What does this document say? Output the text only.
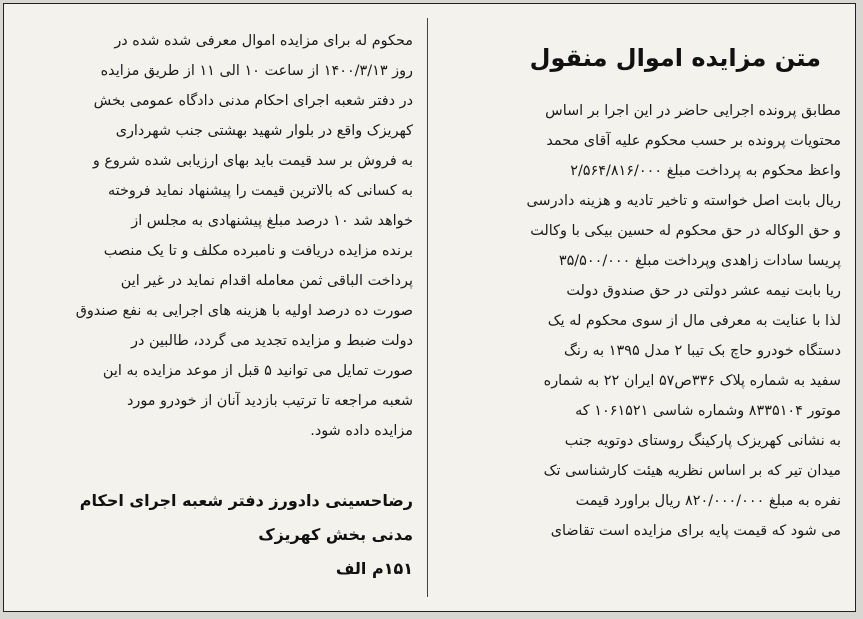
متن مزایده اموال منقول
مطابق پرونده اجرایی حاضر در این اجرا بر اساس
محتویات پرونده بر حسب محکوم علیه آقای محمد
واعظ محکوم به پرداخت مبلغ ۲/۵۶۴/۸۱۶/۰۰۰
ریال بابت اصل خواسته و تاخیر تادیه و هزینه دادرسی
و حق الوکاله در حق محکوم له حسین بیکی با وکالت
پریسا سادات زاهدی وپرداخت مبلغ ۳۵/۵۰۰/۰۰۰
ریا بابت نیمه عشر دولتی در حق صندوق دولت
لذا با عنایت به معرفی مال از سوی محکوم له یک
دستگاه خودرو حاچ بک تیبا ۲ مدل ۱۳۹۵ به رنگ
سفید به شماره پلاک ۳۳۶ص۵۷ ایران ۲۲ به شماره
موتور ۸۳۳۵۱۰۴ وشماره شاسی ۱۰۶۱۵۲۱ که
به نشانی کهریزک پارکینگ روستای دوتویه جنب
میدان تیر که بر اساس نظریه هیئت کارشناسی تک
نفره به مبلغ ۸۲۰/۰۰۰/۰۰۰ ریال براورد قیمت
می شود که قیمت پایه برای مزایده است تقاضای
محکوم له برای مزایده اموال معرفی شده شده در
روز ۱۴۰۰/۳/۱۳ از ساعت ۱۰ الی ۱۱ از طریق مزایده
در دفتر شعبه اجرای احکام مدنی دادگاه عمومی بخش
کهریزک واقع در بلوار شهید بهشتی جنب شهرداری
به فروش بر سد قیمت باید بهای ارزیابی شده شروع و
به کسانی که بالاترین قیمت را پیشنهاد نماید فروخته
خواهد شد ۱۰ درصد مبلغ پیشنهادی به مجلس از
برنده مزایده دریافت و نامبرده مکلف و تا یک منصب
پرداخت الباقی ثمن معامله اقدام نماید در غیر این
صورت ده درصد اولیه با هزینه های اجرایی به نفع صندوق
دولت ضبط و مزایده تجدید می گردد، طالبین در
صورت تمایل می توانید ۵ قبل از موعد مزایده به این
شعبه مراجعه تا ترتیب بازدید آنان از خودرو مورد
مزایده داده شود.
رضاحسینی دادورز دفتر شعبه اجرای احکام
مدنی بخش کهریزک
۱۵۱م الف
